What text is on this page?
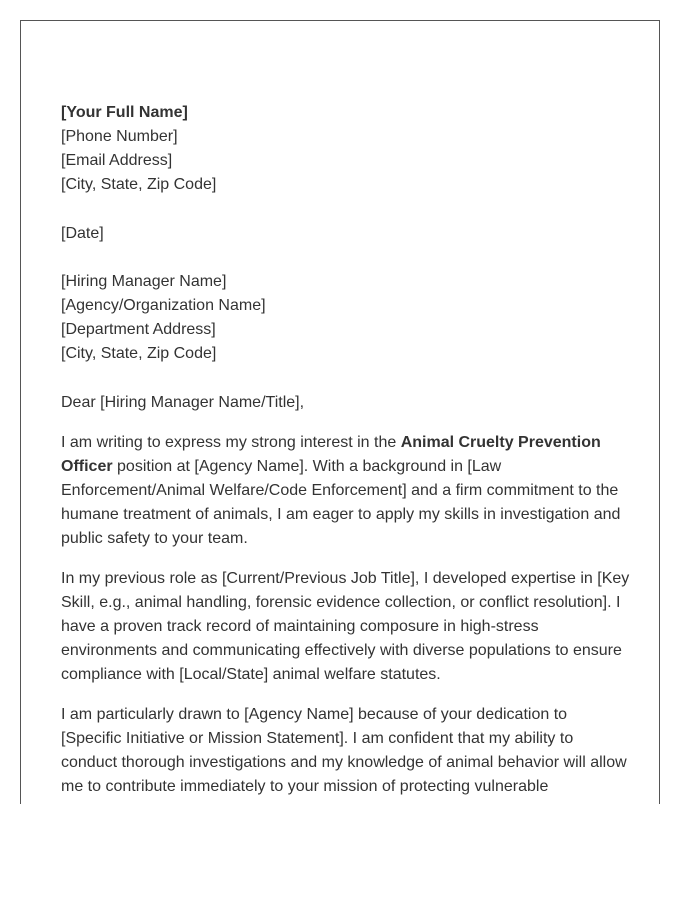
[Your Full Name]
[Phone Number]
[Email Address]
[City, State, Zip Code]
[Date]
[Hiring Manager Name]
[Agency/Organization Name]
[Department Address]
[City, State, Zip Code]
Dear [Hiring Manager Name/Title],

I am writing to express my strong interest in the Animal Cruelty Prevention Officer position at [Agency Name]. With a background in [Law Enforcement/Animal Welfare/Code Enforcement] and a firm commitment to the humane treatment of animals, I am eager to apply my skills in investigation and public safety to your team.

In my previous role as [Current/Previous Job Title], I developed expertise in [Key Skill, e.g., animal handling, forensic evidence collection, or conflict resolution]. I have a proven track record of maintaining composure in high-stress environments and communicating effectively with diverse populations to ensure compliance with [Local/State] animal welfare statutes.

I am particularly drawn to [Agency Name] because of your dedication to [Specific Initiative or Mission Statement]. I am confident that my ability to conduct thorough investigations and my knowledge of animal behavior will allow me to contribute immediately to your mission of protecting vulnerable
